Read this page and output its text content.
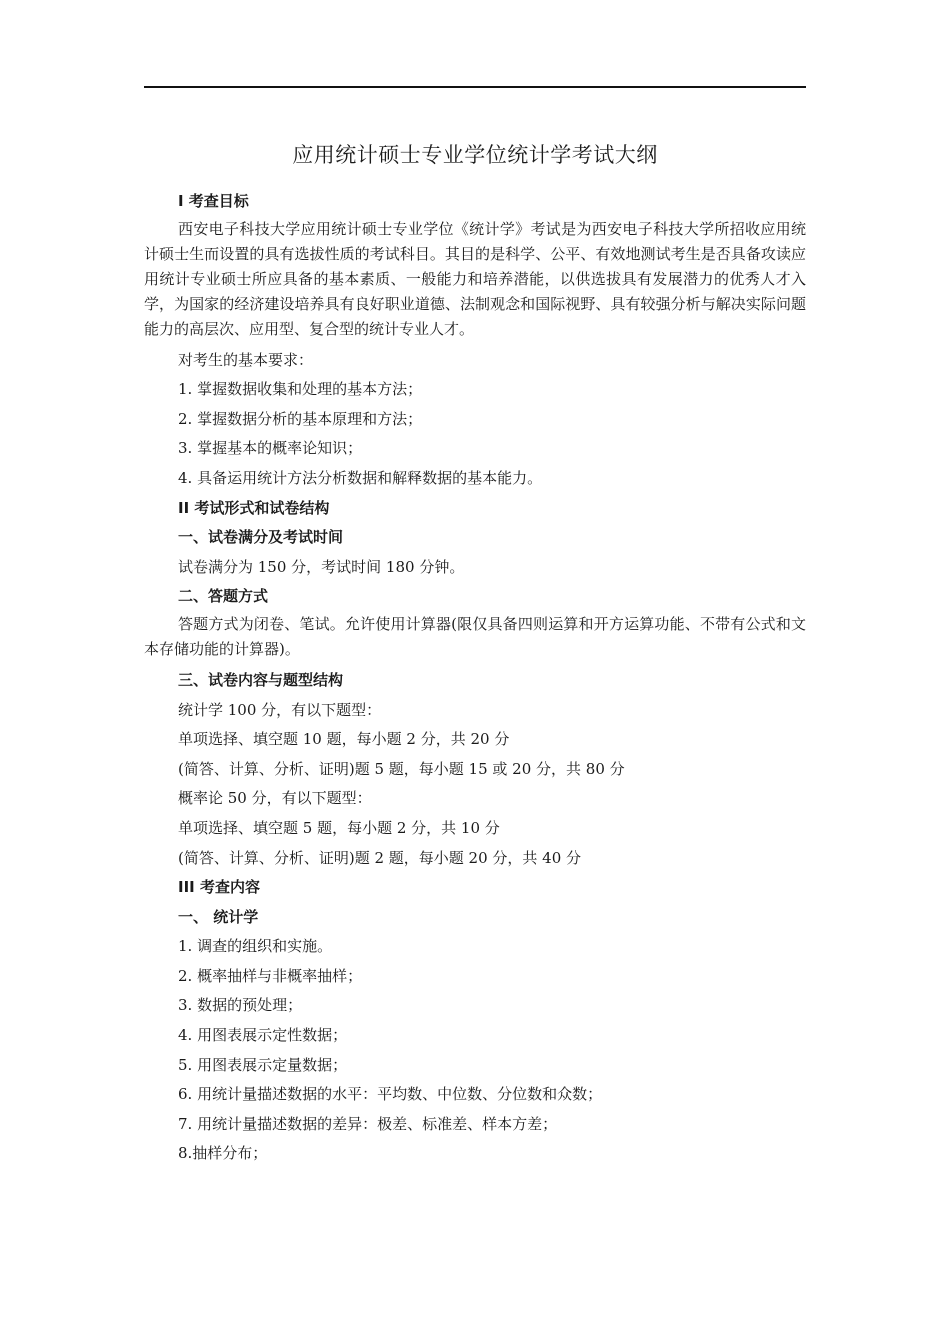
应用统计硕士专业学位统计学考试大纲
I 考查目标
西安电子科技大学应用统计硕士专业学位《统计学》考试是为西安电子科技大学所招收应用统计硕士生而设置的具有选拔性质的考试科目。其目的是科学、公平、有效地测试考生是否具备攻读应用统计专业硕士所应具备的基本素质、一般能力和培养潜能，以供选拔具有发展潜力的优秀人才入学，为国家的经济建设培养具有良好职业道德、法制观念和国际视野、具有较强分析与解决实际问题能力的高层次、应用型、复合型的统计专业人才。
对考生的基本要求：
1. 掌握数据收集和处理的基本方法；
2. 掌握数据分析的基本原理和方法；
3. 掌握基本的概率论知识；
4. 具备运用统计方法分析数据和解释数据的基本能力。
II 考试形式和试卷结构
一、试卷满分及考试时间
试卷满分为 150 分，考试时间 180 分钟。
二、答题方式
答题方式为闭卷、笔试。允许使用计算器(限仅具备四则运算和开方运算功能、不带有公式和文本存储功能的计算器)。
三、试卷内容与题型结构
统计学 100 分，有以下题型：
单项选择、填空题 10 题，每小题 2 分，共 20 分
(简答、计算、分析、证明)题 5 题，每小题 15 或 20 分，共 80 分
概率论 50 分，有以下题型：
单项选择、填空题 5 题，每小题 2 分，共 10 分
(简答、计算、分析、证明)题 2 题，每小题 20 分，共 40 分
III 考查内容
一、 统计学
1. 调查的组织和实施。
2. 概率抽样与非概率抽样；
3. 数据的预处理；
4. 用图表展示定性数据；
5. 用图表展示定量数据；
6. 用统计量描述数据的水平：平均数、中位数、分位数和众数；
7. 用统计量描述数据的差异：极差、标准差、样本方差；
8.抽样分布；
